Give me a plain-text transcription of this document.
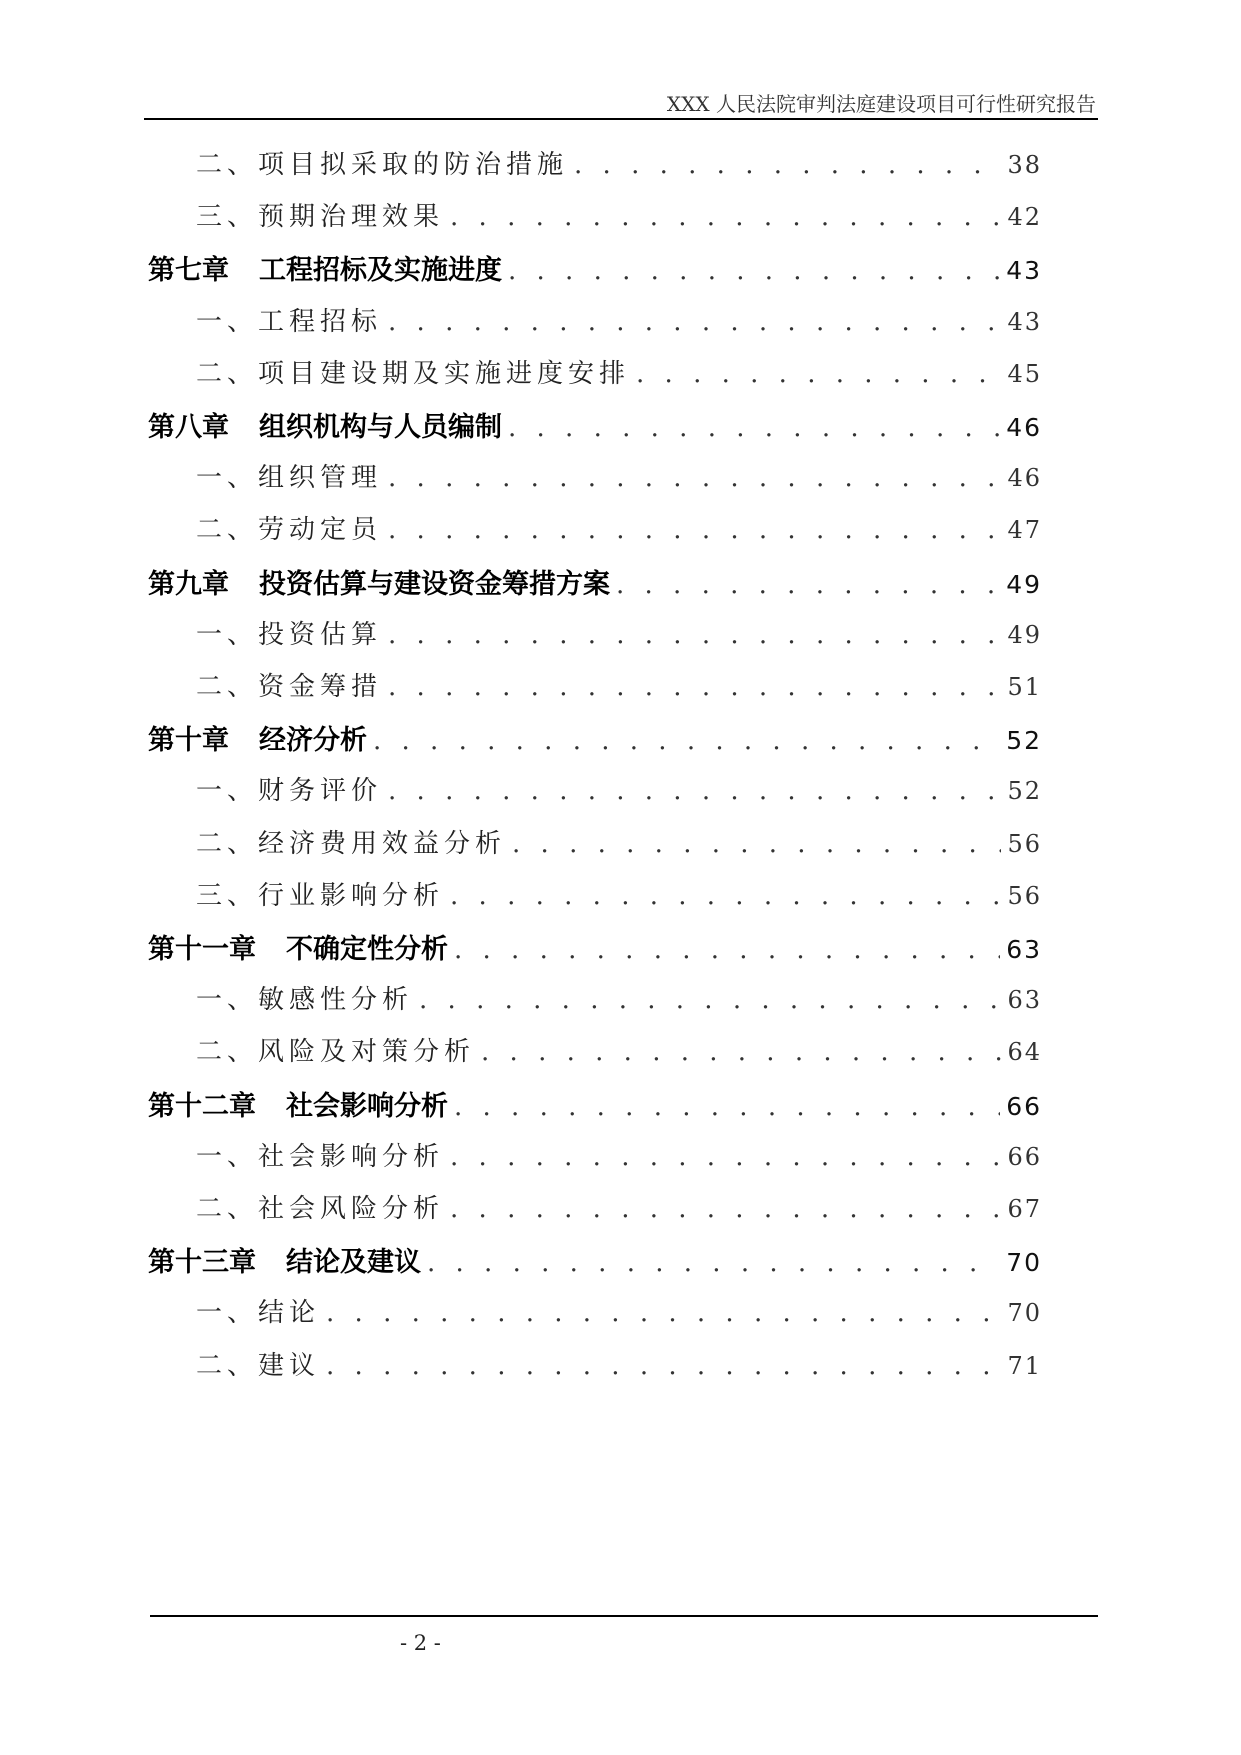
XXX 人民法院审判法庭建设项目可行性研究报告
二、项目拟采取的防治措施 . . .	38
三、预期治理效果 . . .	42
第七章 工程招标及实施进度 . . .	43
一、工程招标 . . .	43
二、项目建设期及实施进度安排 . . .	45
第八章 组织机构与人员编制 . . .	46
一、组织管理 . . .	46
二、劳动定员 . . .	47
第九章 投资估算与建设资金筹措方案 . . .	49
一、投资估算 . . .	49
二、资金筹措 . . .	51
第十章 经济分析 . . .	52
一、财务评价 . . .	52
二、经济费用效益分析 . . .	56
三、行业影响分析 . . .	56
第十一章 不确定性分析 . . .	63
一、敏感性分析 . . .	63
二、风险及对策分析 . . .	64
第十二章 社会影响分析 . . .	66
一、社会影响分析 . . .	66
二、社会风险分析 . . .	67
第十三章 结论及建议 . . .	70
一、结论 . . .	70
二、建议 . . .	71
- 2 -
